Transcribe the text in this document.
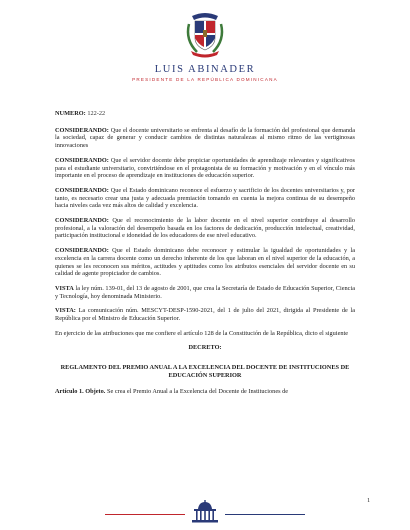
LUIS ABINADER
PRESIDENTE DE LA REPÚBLICA DOMINICANA
NUMERO: 122-22

CONSIDERANDO: Que el docente universitario se enfrenta al desafío de la formación del profesional que demanda la sociedad, capaz de generar y conducir cambios de distintas naturalezas al mismo ritmo de las vertiginosas innovaciones

CONSIDERANDO: Que el servidor docente debe propiciar oportunidades de aprendizaje relevantes y significativos para el estudiante universitario, convirtiéndose en el protagonista de su formación y motivación y en el vínculo más importante en el proceso de aprendizaje en instituciones de educación superior.

CONSIDERANDO: Que el Estado dominicano reconoce el esfuerzo y sacrificio de los docentes universitarios y, por tanto, es necesario crear una justa y adecuada premiación tomando en cuenta la mejora continua de su desempeño hacia niveles cada vez más altos de calidad y excelencia.

CONSIDERANDO: Que el reconocimiento de la labor docente en el nivel superior contribuye al desarrollo profesional, a la valoración del desempeño basada en los factores de dedicación, producción intelectual, creatividad, participación institucional e idoneidad de los educadores de ese nivel educativo.

CONSIDERANDO: Que el Estado dominicano debe reconocer y estimular la igualdad de oportunidades y la excelencia en la carrera docente como un derecho inherente de los que laboran en el nivel superior de la educación, a quienes se les reconocen sus méritos, actitudes y aptitudes como los atributos esenciales del servidor docente en su calidad de agente propiciador de cambios.

VISTA la ley núm. 139-01, del 13 de agosto de 2001, que crea la Secretaría de Estado de Educación Superior, Ciencia y Tecnología, hoy denominada Ministerio.

VISTA: La comunicación núm. MESCYT-DESP-1590-2021, del 1 de julio del 2021, dirigida al Presidente de la República por el Ministro de Educación Superior.

En ejercicio de las atribuciones que me confiere el artículo 128 de la Constitución de la República, dicto el siguiente

DECRETO:
REGLAMENTO DEL PREMIO ANUAL A LA EXCELENCIA DEL DOCENTE DE INSTITUCIONES DE EDUCACIÓN SUPERIOR

Artículo 1. Objeto. Se crea el Premio Anual a la Excelencia del Docente de Instituciones de

1
